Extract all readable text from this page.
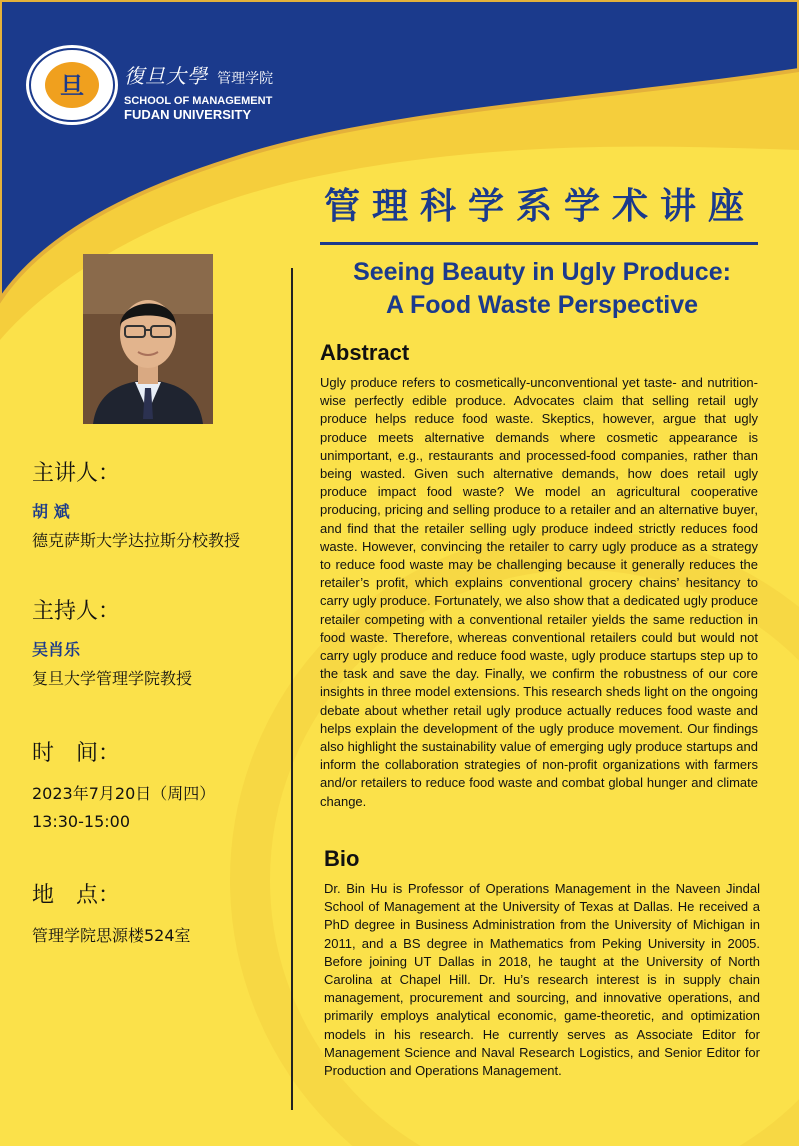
旦 復旦大學 管理学院
SCHOOL OF MANAGEMENT
FUDAN UNIVERSITY
管理科学系学术讲座
Seeing Beauty in Ugly Produce:
A Food Waste Perspective
主讲人：
胡 斌
德克萨斯大学达拉斯分校教授
主持人：
吴肖乐
复旦大学管理学院教授
时　间：
2023年7月20日（周四）
13:30-15:00
地　点：
管理学院思源楼524室
Abstract

Ugly produce refers to cosmetically-unconventional yet taste- and nutrition-wise perfectly edible produce. Advocates claim that selling retail ugly produce helps reduce food waste. Skeptics, however, argue that ugly produce meets alternative demands where cosmetic appearance is unimportant, e.g., restaurants and processed-food companies, rather than being wasted. Given such alternative demands, how does retail ugly produce impact food waste? We model an agricultural cooperative producing, pricing and selling produce to a retailer and an alternative buyer, and find that the retailer selling ugly produce indeed strictly reduces food waste. However, convincing the retailer to carry ugly produce as a strategy to reduce food waste may be challenging because it generally reduces the retailer’s profit, which explains conventional grocery chains’ hesitancy to carry ugly produce. Fortunately, we also show that a dedicated ugly produce retailer competing with a conventional retailer yields the same reduction in food waste. Therefore, whereas conventional retailers could but would not carry ugly produce and reduce food waste, ugly produce startups step up to the task and save the day. Finally, we confirm the robustness of our core insights in three model extensions. This research sheds light on the ongoing debate about whether retail ugly produce actually reduces food waste and helps explain the development of the ugly produce movement. Our findings also highlight the sustainability value of emerging ugly produce startups and inform the collaboration strategies of non-profit organizations with farmers and/or retailers to reduce food waste and combat global hunger and climate change.

Bio

Dr. Bin Hu is Professor of Operations Management in the Naveen Jindal School of Management at the University of Texas at Dallas. He received a PhD degree in Business Administration from the University of Michigan in 2011, and a BS degree in Mathematics from Peking University in 2005. Before joining UT Dallas in 2018, he taught at the University of North Carolina at Chapel Hill. Dr. Hu’s research interest is in supply chain management, procurement and sourcing, and innovative operations, and primarily employs analytical economic, game-theoretic, and optimization models in his research. He currently serves as Associate Editor for Management Science and Naval Research Logistics, and Senior Editor for Production and Operations Management.
